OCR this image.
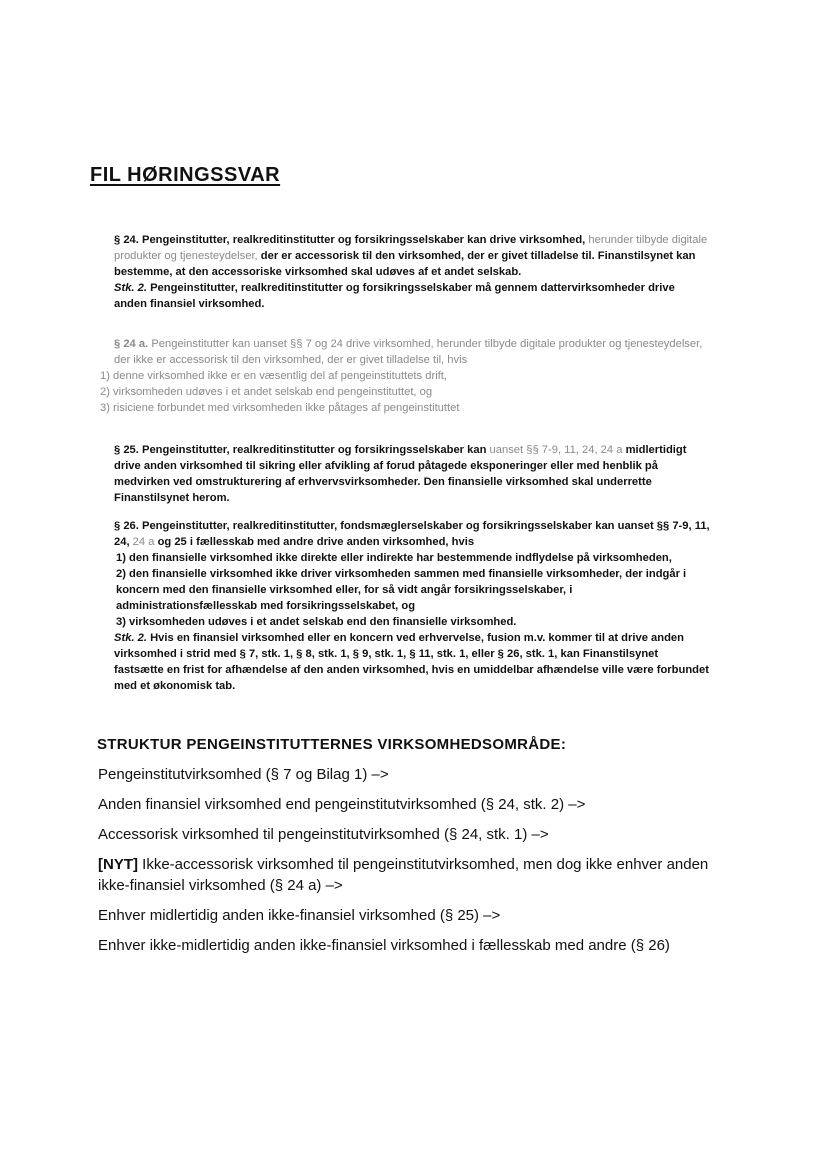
FIL HØRINGSSVAR

§ 24. Pengeinstitutter, realkreditinstitutter og forsikringsselskaber kan drive virksomhed, herunder tilbyde digitale produkter og tjenesteydelser, der er accessorisk til den virksomhed, der er givet tilladelse til. Finanstilsynet kan bestemme, at den accessoriske virksomhed skal udøves af et andet selskab.

Stk. 2. Pengeinstitutter, realkreditinstitutter og forsikringsselskaber må gennem dattervirksomheder drive anden finansiel virksomhed.

§ 24 a. Pengeinstitutter kan uanset §§ 7 og 24 drive virksomhed, herunder tilbyde digitale produkter og tjenesteydelser, der ikke er accessorisk til den virksomhed, der er givet tilladelse til, hvis

1) denne virksomhed ikke er en væsentlig del af pengeinstituttets drift,

2) virksomheden udøves i et andet selskab end pengeinstituttet, og

3) risiciene forbundet med virksomheden ikke påtages af pengeinstituttet

§ 25. Pengeinstitutter, realkreditinstitutter og forsikringsselskaber kan uanset §§ 7-9, 11, 24, 24 a midlertidigt drive anden virksomhed til sikring eller afvikling af forud påtagede eksponeringer eller med henblik på medvirken ved omstrukturering af erhvervsvirksomheder. Den finansielle virksomhed skal underrette Finanstilsynet herom.

§ 26. Pengeinstitutter, realkreditinstitutter, fondsmæglerselskaber og forsikringsselskaber kan uanset §§ 7-9, 11, 24, 24 a og 25 i fællesskab med andre drive anden virksomhed, hvis

1) den finansielle virksomhed ikke direkte eller indirekte har bestemmende indflydelse på virksomheden,

2) den finansielle virksomhed ikke driver virksomheden sammen med finansielle virksomheder, der indgår i koncern med den finansielle virksomhed eller, for så vidt angår forsikringsselskaber, i administrationsfællesskab med forsikringsselskabet, og

3) virksomheden udøves i et andet selskab end den finansielle virksomhed.

Stk. 2. Hvis en finansiel virksomhed eller en koncern ved erhvervelse, fusion m.v. kommer til at drive anden virksomhed i strid med § 7, stk. 1, § 8, stk. 1, § 9, stk. 1, § 11, stk. 1, eller § 26, stk. 1, kan Finanstilsynet fastsætte en frist for afhændelse af den anden virksomhed, hvis en umiddelbar afhændelse ville være forbundet med et økonomisk tab.

STRUKTUR PENGEINSTITUTTERNES VIRKSOMHEDSOMRÅDE:
Pengeinstitutvirksomhed (§ 7 og Bilag 1) –>
Anden finansiel virksomhed end pengeinstitutvirksomhed (§ 24, stk. 2) –>
Accessorisk virksomhed til pengeinstitutvirksomhed (§ 24, stk. 1) –>
[NYT] Ikke-accessorisk virksomhed til pengeinstitutvirksomhed, men dog ikke enhver anden ikke-finansiel virksomhed (§ 24 a) –>
Enhver midlertidig anden ikke-finansiel virksomhed (§ 25) –>
Enhver ikke-midlertidig anden ikke-finansiel virksomhed i fællesskab med andre (§ 26)
